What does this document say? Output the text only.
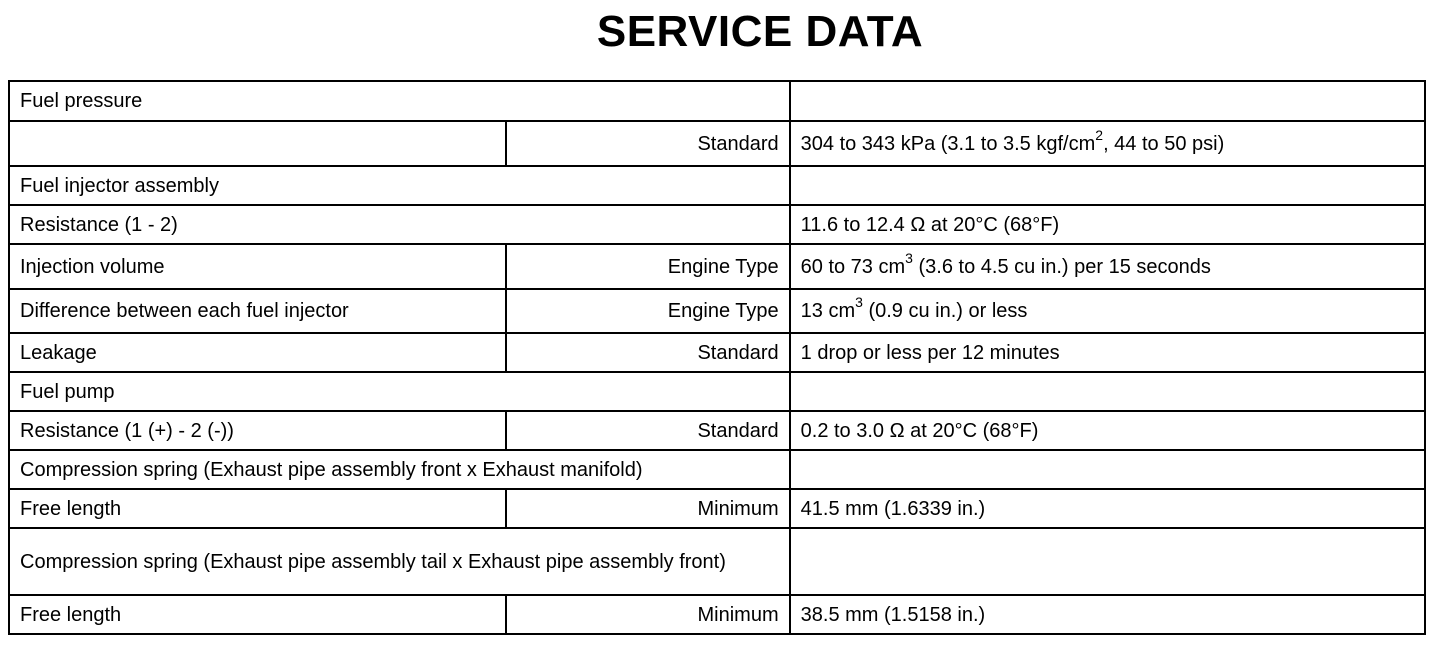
SERVICE DATA
Fuel pressure		
	Standard	304 to 343 kPa (3.1 to 3.5 kgf/$cm^2$, 44 to 50 psi)
Fuel injector assembly		
Resistance (1 - 2)		11.6 to 12.4 Ω at 20°C (68°F)
Injection volume	Engine Type	60 to 73 $cm^3$ (3.6 to 4.5 cu in.) per 15 seconds
Difference between each fuel injector	Engine Type	13 $cm^3$ (0.9 cu in.) or less
Leakage	Standard	1 drop or less per 12 minutes
Fuel pump		
Resistance (1 (+) - 2 (-))	Standard	0.2 to 3.0 Ω at 20°C (68°F)
Compression spring (Exhaust pipe assembly front x Exhaust manifold)		
Free length	Minimum	41.5 mm (1.6339 in.)
Compression spring (Exhaust pipe assembly tail x Exhaust pipe assembly front)		
Free length	Minimum	38.5 mm (1.5158 in.)
